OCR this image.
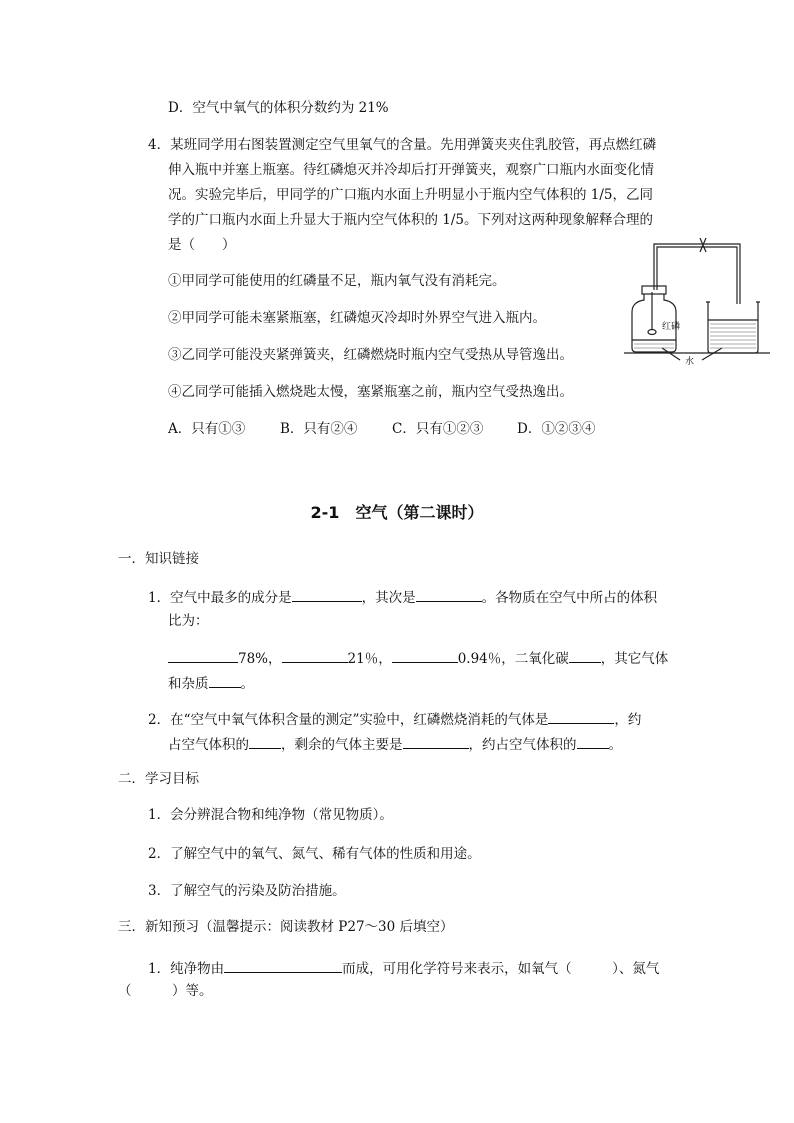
D．空气中氧气的体积分数约为 21%
4．某班同学用右图装置测定空气里氧气的含量。先用弹簧夹夹住乳胶管，再点燃红磷
伸入瓶中并塞上瓶塞。待红磷熄灭并冷却后打开弹簧夹，观察广口瓶内水面变化情
况。实验完毕后，甲同学的广口瓶内水面上升明显小于瓶内空气体积的 1/5，乙同
学的广口瓶内水面上升显大于瓶内空气体积的 1/5。下列对这两种现象解释合理的
是（　　）
①甲同学可能使用的红磷量不足，瓶内氧气没有消耗完。
②甲同学可能未塞紧瓶塞，红磷熄灭冷却时外界空气进入瓶内。
③乙同学可能没夹紧弹簧夹，红磷燃烧时瓶内空气受热从导管逸出。
④乙同学可能插入燃烧匙太慢，塞紧瓶塞之前，瓶内空气受热逸出。
A．只有①③	B．只有②④	C．只有①②③ D．①②③④
红磷
水
2-1　空气（第二课时）
一．知识链接
1．空气中最多的成分是	，其次是	。各物质在空气中所占的体积
比为：
78%，	21％，	0.94％，二氧化碳 ，其它气体
和杂质 。
2．在“空气中氧气体积含量的测定”实验中，红磷燃烧消耗的气体是	，约
占空气体积的 ，剩余的气体主要是	，约占空气体积的 。
二．学习目标
1．会分辨混合物和纯净物（常见物质）。
2．了解空气中的氧气、氮气、稀有气体的性质和用途。
3．了解空气的污染及防治措施。
三．新知预习（温馨提示：阅读教材 P27～30 后填空）
1．纯净物由	而成，可用化学符号来表示，如氧气（　　　）、氮气
（　　　）等。
